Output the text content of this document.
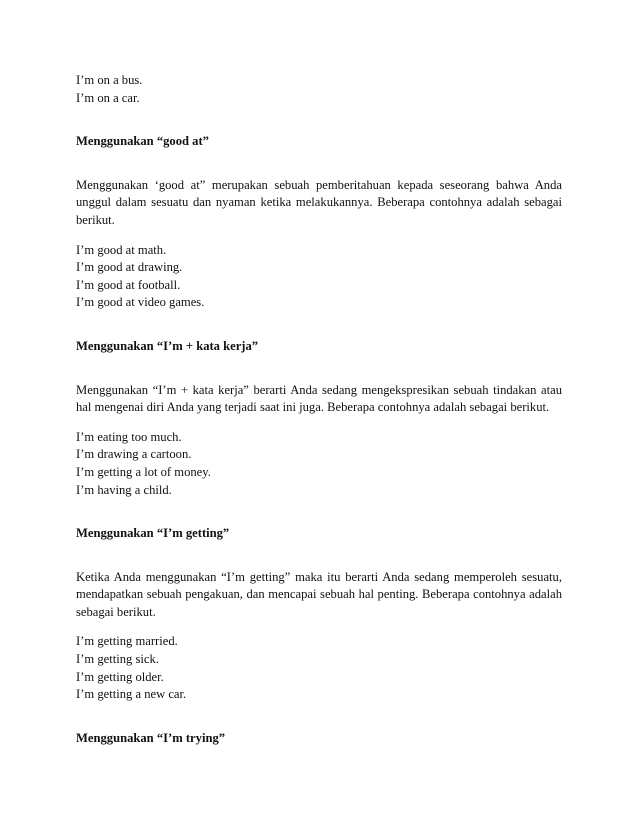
I’m on a bus.
I’m on a car.

Menggunakan “good at”

Menggunakan ‘good at” merupakan sebuah pemberitahuan kepada seseorang bahwa Anda unggul dalam sesuatu dan nyaman ketika melakukannya. Beberapa contohnya adalah sebagai berikut.

I’m good at math.
I’m good at drawing.
I’m good at football.
I’m good at video games.

Menggunakan “I’m + kata kerja”

Menggunakan “I’m + kata kerja” berarti Anda sedang mengekspresikan sebuah tindakan atau hal mengenai diri Anda yang terjadi saat ini juga. Beberapa contohnya adalah sebagai berikut.

I’m eating too much.
I’m drawing a cartoon.
I’m getting a lot of money.
I’m having a child.

Menggunakan “I’m getting”

Ketika Anda menggunakan “I’m getting” maka itu berarti Anda sedang memperoleh sesuatu, mendapatkan sebuah pengakuan, dan mencapai sebuah hal penting. Beberapa contohnya adalah sebagai berikut.

I’m getting married.
I’m getting sick.
I’m getting older.
I’m getting a new car.

Menggunakan “I’m trying”
